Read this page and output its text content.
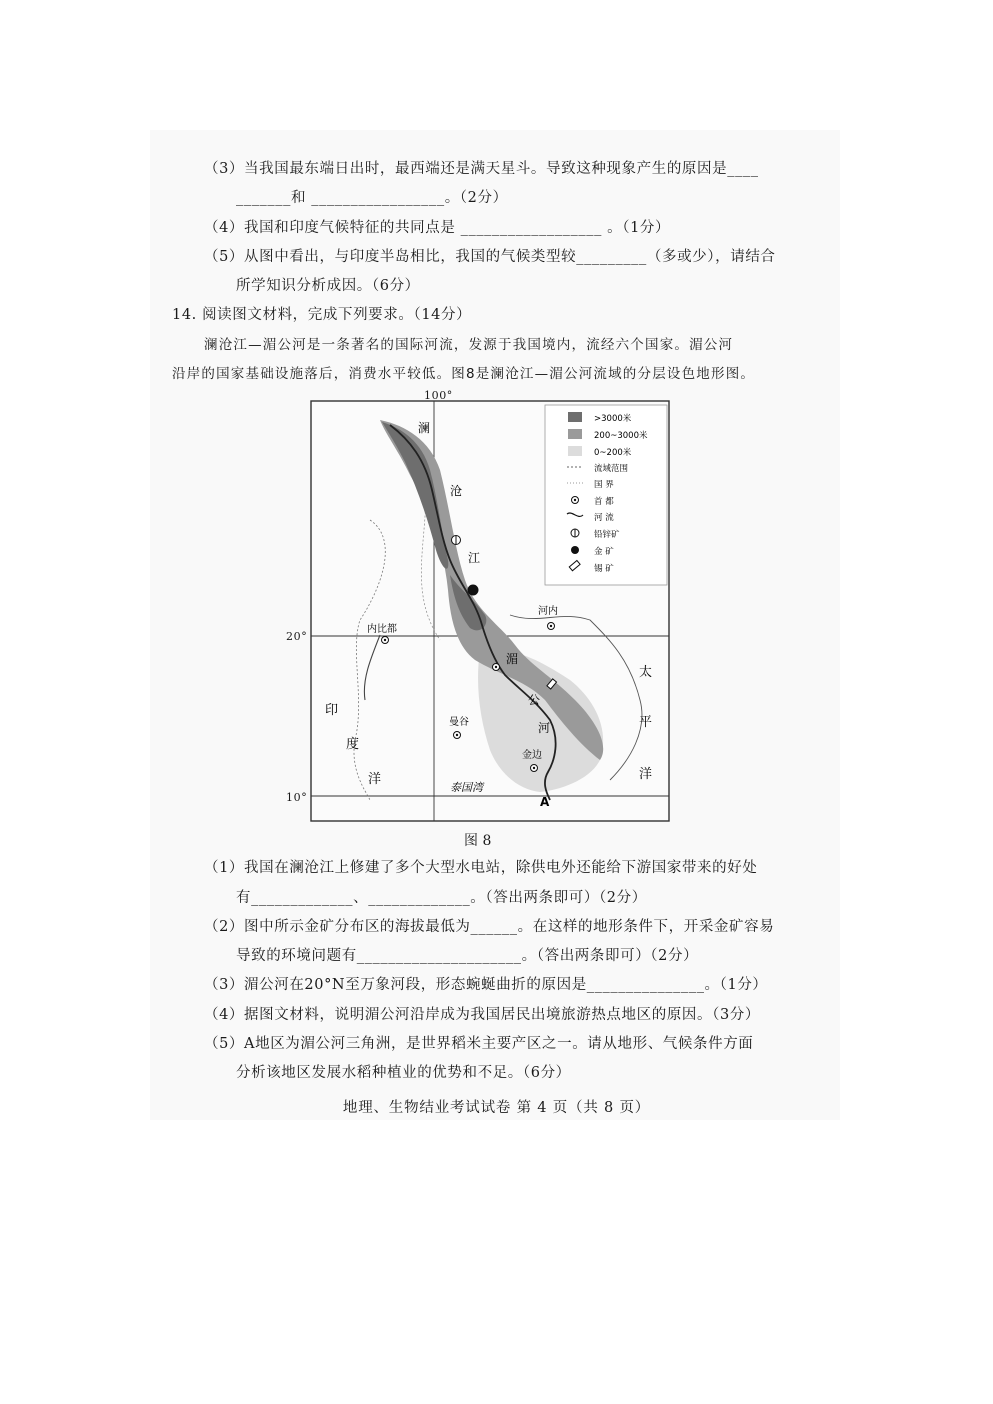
（3）当我国最东端日出时，最西端还是满天星斗。导致这种现象产生的原因是____
_______和 _________________。（2分）
（4）我国和印度气候特征的共同点是 __________________ 。（1分）
（5）从图中看出，与印度半岛相比，我国的气候类型较_________（多或少），请结合
所学知识分析成因。（6分）
14. 阅读图文材料，完成下列要求。（14分）
澜沧江—湄公河是一条著名的国际河流，发源于我国境内，流经六个国家。湄公河
沿岸的国家基础设施落后，消费水平较低。图8是澜沧江—湄公河流域的分层设色地形图。
澜
沧
江
湄
公
河
河内
内比都
曼谷
金边
印
度
洋
太
平
洋
泰国湾
A
>3000米
200~3000米
0~200米
流域范围
国 界
首 都
河 流
铅锌矿
金 矿
锡 矿
100°
20°
10°
图 8
（1）我国在澜沧江上修建了多个大型水电站，除供电外还能给下游国家带来的好处
有_____________、_____________。（答出两条即可）（2分）
（2）图中所示金矿分布区的海拔最低为______。在这样的地形条件下，开采金矿容易
导致的环境问题有_____________________。（答出两条即可）（2分）
（3）湄公河在20°N至万象河段，形态蜿蜒曲折的原因是_______________。（1分）
（4）据图文材料，说明湄公河沿岸成为我国居民出境旅游热点地区的原因。（3分）
（5）A地区为湄公河三角洲，是世界稻米主要产区之一。请从地形、气候条件方面
分析该地区发展水稻种植业的优势和不足。（6分）
地理、生物结业考试试卷 第 4 页（共 8 页）
